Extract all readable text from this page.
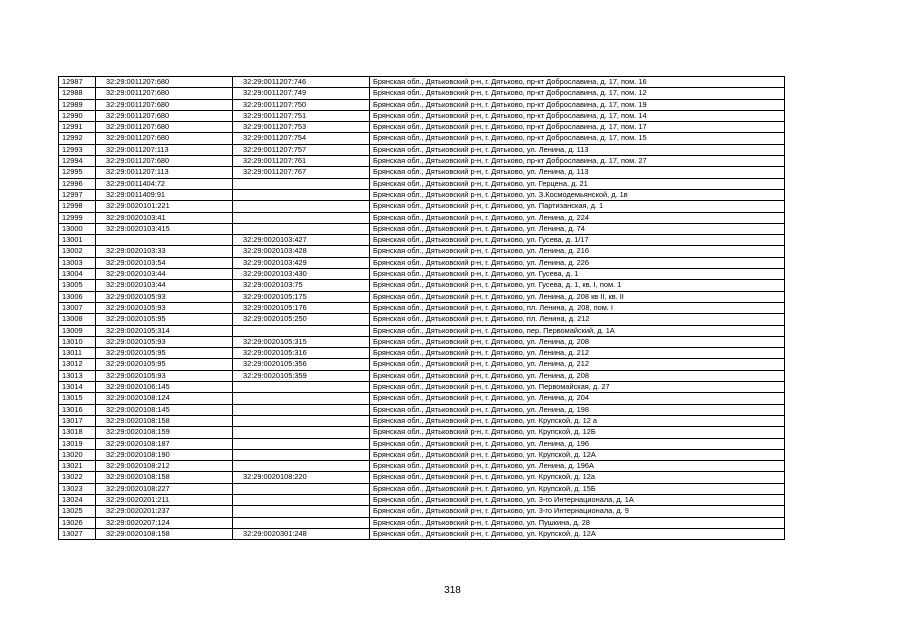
12987	32:29:0011207:680	32:29:0011207:746	Брянская обл., Дятьковский р-н, г. Дятьково, пр-кт Доброславина, д. 17, пом. 16
12988	32:29:0011207:680	32:29:0011207:749	Брянская обл., Дятьковский р-н, г. Дятьково, пр-кт Доброславина, д. 17, пом. 12
12989	32:29:0011207:680	32:29:0011207:750	Брянская обл., Дятьковский р-н, г. Дятьково, пр-кт Доброславина, д. 17, пом. 19
12990	32:29:0011207:680	32:29:0011207:751	Брянская обл., Дятьковский р-н, г. Дятьково, пр-кт Доброславина, д. 17, пом. 14
12991	32:29:0011207:680	32:29:0011207:753	Брянская обл., Дятьковский р-н, г. Дятьково, пр-кт Доброславина, д. 17, пом. 17
12992	32:29:0011207:680	32:29:0011207:754	Брянская обл., Дятьковский р-н, г. Дятьково, пр-кт Доброславина, д. 17, пом. 15
12993	32:29:0011207:113	32:29:0011207:757	Брянская обл., Дятьковский р-н, г. Дятьково, ул. Ленина, д. 113
12994	32:29:0011207:680	32:29:0011207:761	Брянская обл., Дятьковский р-н, г. Дятьково, пр-кт Доброславина, д. 17, пом. 27
12995	32:29:0011207:113	32:29:0011207:767	Брянская обл., Дятьковский р-н, г. Дятьково, ул. Ленина, д. 113
12996	32:29:0011404:72		Брянская обл., Дятьковский р-н, г. Дятьково, ул. Герцена, д. 21
12997	32:29:0011409:91		Брянская обл., Дятьковский р-н, г. Дятьково, ул. З.Космодемьянской, д. 1в
12998	32:29:0020101:221		Брянская обл., Дятьковский р-н, г. Дятьково, ул. Партизанская, д. 1
12999	32:29:0020103:41		Брянская обл., Дятьковский р-н, г. Дятьково, ул. Ленина, д. 224
13000	32:29:0020103:415		Брянская обл., Дятьковский р-н, г. Дятьково, ул. Ленина, д. 74
13001		32:29:0020103:427	Брянская обл., Дятьковский р-н, г. Дятьково, ул. Гусева, д. 1/17
13002	32:29:0020103:33	32:29:0020103:428	Брянская обл., Дятьковский р-н, г. Дятьково, ул. Ленина, д. 216
13003	32:29:0020103:54	32:29:0020103:429	Брянская обл., Дятьковский р-н, г. Дятьково, ул. Ленина, д. 226
13004	32:29:0020103:44	32:29:0020103:430	Брянская обл., Дятьковский р-н, г. Дятьково, ул. Гусева, д. 1
13005	32:29:0020103:44	32:29:0020103:75	Брянская обл., Дятьковский р-н, г. Дятьково, ул. Гусева, д. 1, кв. I, пом. 1
13006	32:29:0020105:93	32:29:0020105:175	Брянская обл., Дятьковский р-н, г. Дятьково, ул. Ленина, д. 208 кв II, кв. II
13007	32:29:0020105:93	32:29:0020105:176	Брянская обл., Дятьковский р-н, г. Дятьково, пл. Ленина, д. 208, пом. I
13008	32:29:0020105:95	32:29:0020105:250	Брянская обл., Дятьковский р-н, г. Дятьково, пл. Ленина, д. 212
13009	32:29:0020105:314		Брянская обл., Дятьковский р-н, г. Дятьково, пер. Первомайский, д. 1А
13010	32:29:0020105:93	32:29:0020105:315	Брянская обл., Дятьковский р-н, г. Дятьково, ул. Ленина, д. 208
13011	32:29:0020105:95	32:29:0020105:316	Брянская обл., Дятьковский р-н, г. Дятьково, ул. Ленина, д. 212
13012	32:29:0020105:95	32:29:0020105:356	Брянская обл., Дятьковский р-н, г. Дятьково, ул. Ленина, д. 212
13013	32:29:0020105:93	32:29:0020105:359	Брянская обл., Дятьковский р-н, г. Дятьково, ул. Ленина, д. 208
13014	32:29:0020106:145		Брянская обл., Дятьковский р-н, г. Дятьково, ул. Первомайская, д. 27
13015	32:29:0020108:124		Брянская обл., Дятьковский р-н, г. Дятьково, ул. Ленина, д. 204
13016	32:29:0020108:145		Брянская обл., Дятьковский р-н, г. Дятьково, ул. Ленина, д. 198
13017	32:29:0020108:158		Брянская обл., Дятьковский р-н, г. Дятьково, ул. Крупской, д. 12 а
13018	32:29:0020108:159		Брянская обл., Дятьковский р-н, г. Дятьково, ул. Крупской, д. 12Б
13019	32:29:0020108:187		Брянская обл., Дятьковский р-н, г. Дятьково, ул. Ленина, д. 196
13020	32:29:0020108:190		Брянская обл., Дятьковский р-н, г. Дятьково, ул. Крупской, д. 12А
13021	32:29:0020108:212		Брянская обл., Дятьковский р-н, г. Дятьково, ул. Ленина, д. 196А
13022	32:29:0020108:158	32:29:0020108:220	Брянская обл., Дятьковский р-н, г. Дятьково, ул. Крупской, д. 12а
13023	32:29:0020108:227		Брянская обл., Дятьковский р-н, г. Дятьково, ул. Крупской, д. 15Б
13024	32:29:0020201:211		Брянская обл., Дятьковский р-н, г. Дятьково, ул. 3-го Интернационала, д. 1А
13025	32:29:0020201:237		Брянская обл., Дятьковский р-н, г. Дятьково, ул. 3-го Интернационала, д. 9
13026	32:29:0020207:124		Брянская обл., Дятьковский р-н, г. Дятьково, ул. Пушкина, д. 28
13027	32:29:0020108:158	32:29:0020301:248	Брянская обл., Дятьковский р-н, г. Дятьково, ул. Крупской, д. 12А
318
